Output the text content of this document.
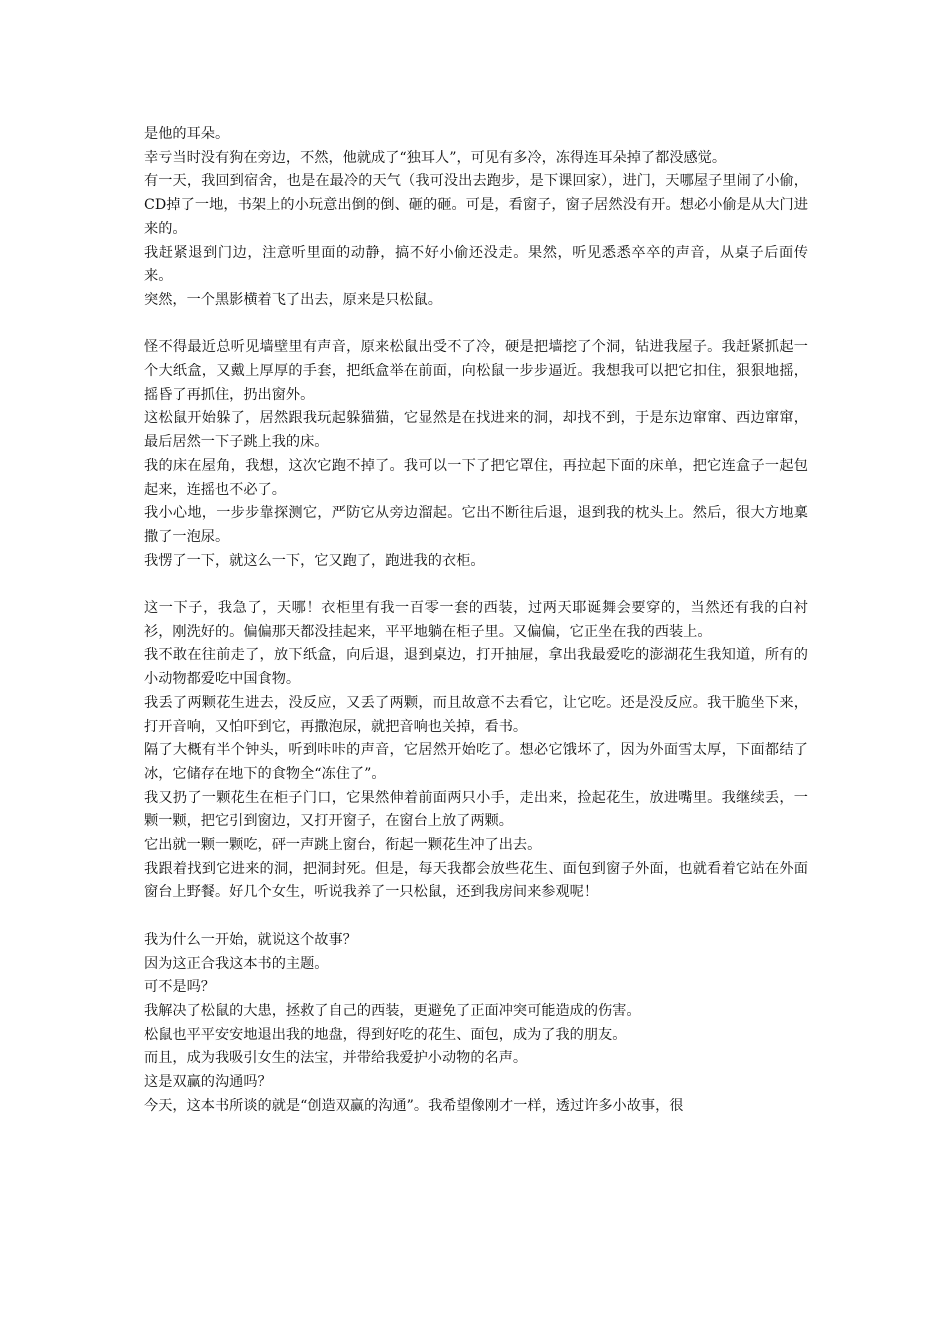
是他的耳朵。

幸亏当时没有狗在旁边，不然，他就成了“独耳人”，可见有多冷，冻得连耳朵掉了都没感觉。

有一天，我回到宿舍，也是在最冷的天气（我可没出去跑步，是下课回家），进门，天哪屋子里闹了小偷，CD掉了一地，书架上的小玩意出倒的倒、砸的砸。可是，看窗子，窗子居然没有开。想必小偷是从大门进来的。

我赶紧退到门边，注意听里面的动静，搞不好小偷还没走。果然，听见悉悉卒卒的声音，从桌子后面传来。

突然，一个黑影横着飞了出去，原来是只松鼠。

怪不得最近总听见墙壁里有声音，原来松鼠出受不了冷，硬是把墙挖了个洞，钻进我屋子。我赶紧抓起一个大纸盒，又戴上厚厚的手套，把纸盒举在前面，向松鼠一步步逼近。我想我可以把它扣住，狠狠地摇，摇昏了再抓住，扔出窗外。

这松鼠开始躲了，居然跟我玩起躲猫猫，它显然是在找进来的洞，却找不到，于是东边窜窜、西边窜窜，最后居然一下子跳上我的床。

我的床在屋角，我想，这次它跑不掉了。我可以一下了把它罩住，再拉起下面的床单，把它连盒子一起包起来，连摇也不必了。

我小心地，一步步靠探测它，严防它从旁边溜起。它出不断往后退，退到我的枕头上。然后，很大方地稟撒了一泡尿。

我愣了一下，就这么一下，它又跑了，跑进我的衣柜。

这一下子，我急了，天哪！衣柜里有我一百零一套的西装，过两天耶诞舞会要穿的，当然还有我的白衬衫，刚洗好的。偏偏那天都没挂起来，平平地躺在柜子里。又偏偏，它正坐在我的西装上。

我不敢在往前走了，放下纸盒，向后退，退到桌边，打开抽屉，拿出我最爱吃的澎湖花生我知道，所有的小动物都爱吃中国食物。

我丢了两颗花生进去，没反应，又丢了两颗，而且故意不去看它，让它吃。还是没反应。我干脆坐下来，打开音响，又怕吓到它，再撒泡尿，就把音响也关掉，看书。

隔了大概有半个钟头，听到咔咔的声音，它居然开始吃了。想必它饿坏了，因为外面雪太厚，下面都结了冰，它储存在地下的食物全“冻住了”。

我又扔了一颗花生在柜子门口，它果然伸着前面两只小手，走出来，捡起花生，放进嘴里。我继续丢，一颗一颗，把它引到窗边，又打开窗子，在窗台上放了两颗。

它出就一颗一颗吃，砰一声跳上窗台，衔起一颗花生冲了出去。

我跟着找到它进来的洞，把洞封死。但是，每天我都会放些花生、面包到窗子外面，也就看着它站在外面窗台上野餐。好几个女生，听说我养了一只松鼠，还到我房间来参观呢！

我为什么一开始，就说这个故事？

因为这正合我这本书的主题。

可不是吗？

我解决了松鼠的大患，拯救了自己的西装，更避免了正面冲突可能造成的伤害。

松鼠也平平安安地退出我的地盘，得到好吃的花生、面包，成为了我的朋友。

而且，成为我吸引女生的法宝，并带给我爱护小动物的名声。

这是双赢的沟通吗？

今天，这本书所谈的就是“创造双赢的沟通”。我希望像刚才一样，透过许多小故事，很
